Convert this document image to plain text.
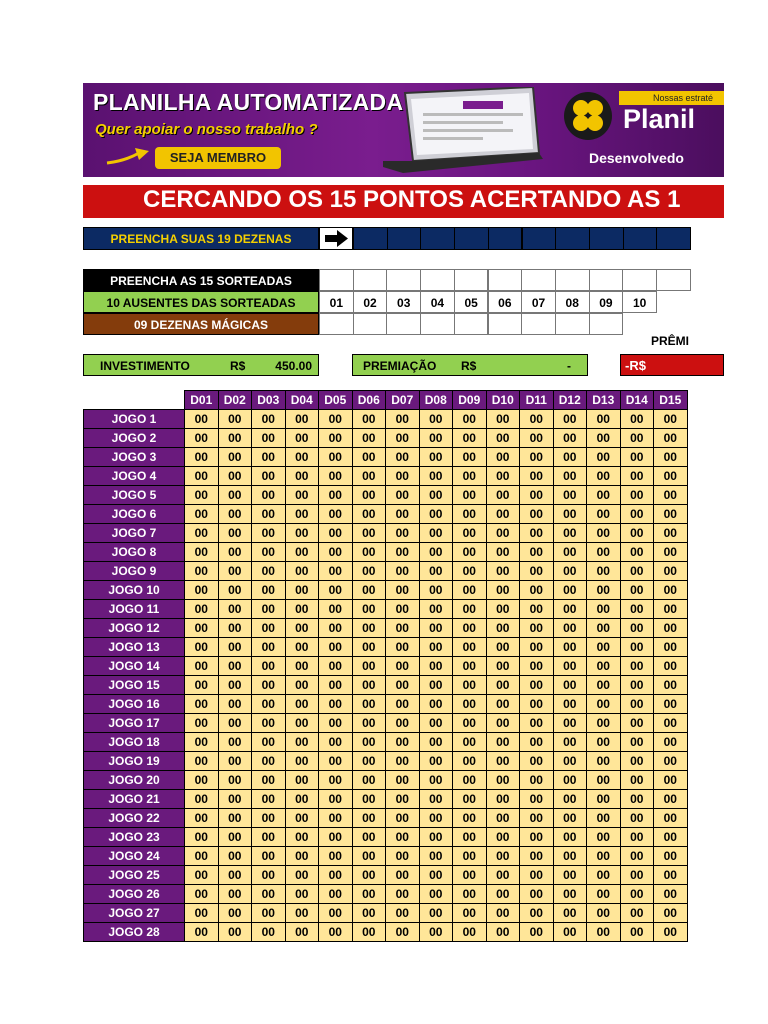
PLANILHA AUTOMATIZADA
Quer apoiar o nosso trabalho ?
SEJA MEMBRO
Nossas estraté
Planil
Desenvolvedo
CERCANDO OS 15 PONTOS ACERTANDO AS 1
PREENCHA SUAS 19 DEZENAS
PREENCHA AS 15 SORTEADAS
10 AUSENTES DAS SORTEADAS	01	02	03	04	05	06	07	08	09	10
09 DEZENAS MÁGICAS
PRÊMI
INVESTIMENTO	R$ 450.00	PREMIAÇÃO R$	-	-R$
	D01	D02	D03	D04	D05	D06	D07	D08	D09	D10	D11	D12	D13	D14	D15
JOGO 1	00	00	00	00	00	00	00	00	00	00	00	00	00	00	00
JOGO 2	00	00	00	00	00	00	00	00	00	00	00	00	00	00	00
JOGO 3	00	00	00	00	00	00	00	00	00	00	00	00	00	00	00
JOGO 4	00	00	00	00	00	00	00	00	00	00	00	00	00	00	00
JOGO 5	00	00	00	00	00	00	00	00	00	00	00	00	00	00	00
JOGO 6	00	00	00	00	00	00	00	00	00	00	00	00	00	00	00
JOGO 7	00	00	00	00	00	00	00	00	00	00	00	00	00	00	00
JOGO 8	00	00	00	00	00	00	00	00	00	00	00	00	00	00	00
JOGO 9	00	00	00	00	00	00	00	00	00	00	00	00	00	00	00
JOGO 10	00	00	00	00	00	00	00	00	00	00	00	00	00	00	00
JOGO 11	00	00	00	00	00	00	00	00	00	00	00	00	00	00	00
JOGO 12	00	00	00	00	00	00	00	00	00	00	00	00	00	00	00
JOGO 13	00	00	00	00	00	00	00	00	00	00	00	00	00	00	00
JOGO 14	00	00	00	00	00	00	00	00	00	00	00	00	00	00	00
JOGO 15	00	00	00	00	00	00	00	00	00	00	00	00	00	00	00
JOGO 16	00	00	00	00	00	00	00	00	00	00	00	00	00	00	00
JOGO 17	00	00	00	00	00	00	00	00	00	00	00	00	00	00	00
JOGO 18	00	00	00	00	00	00	00	00	00	00	00	00	00	00	00
JOGO 19	00	00	00	00	00	00	00	00	00	00	00	00	00	00	00
JOGO 20	00	00	00	00	00	00	00	00	00	00	00	00	00	00	00
JOGO 21	00	00	00	00	00	00	00	00	00	00	00	00	00	00	00
JOGO 22	00	00	00	00	00	00	00	00	00	00	00	00	00	00	00
JOGO 23	00	00	00	00	00	00	00	00	00	00	00	00	00	00	00
JOGO 24	00	00	00	00	00	00	00	00	00	00	00	00	00	00	00
JOGO 25	00	00	00	00	00	00	00	00	00	00	00	00	00	00	00
JOGO 26	00	00	00	00	00	00	00	00	00	00	00	00	00	00	00
JOGO 27	00	00	00	00	00	00	00	00	00	00	00	00	00	00	00
JOGO 28	00	00	00	00	00	00	00	00	00	00	00	00	00	00	00
